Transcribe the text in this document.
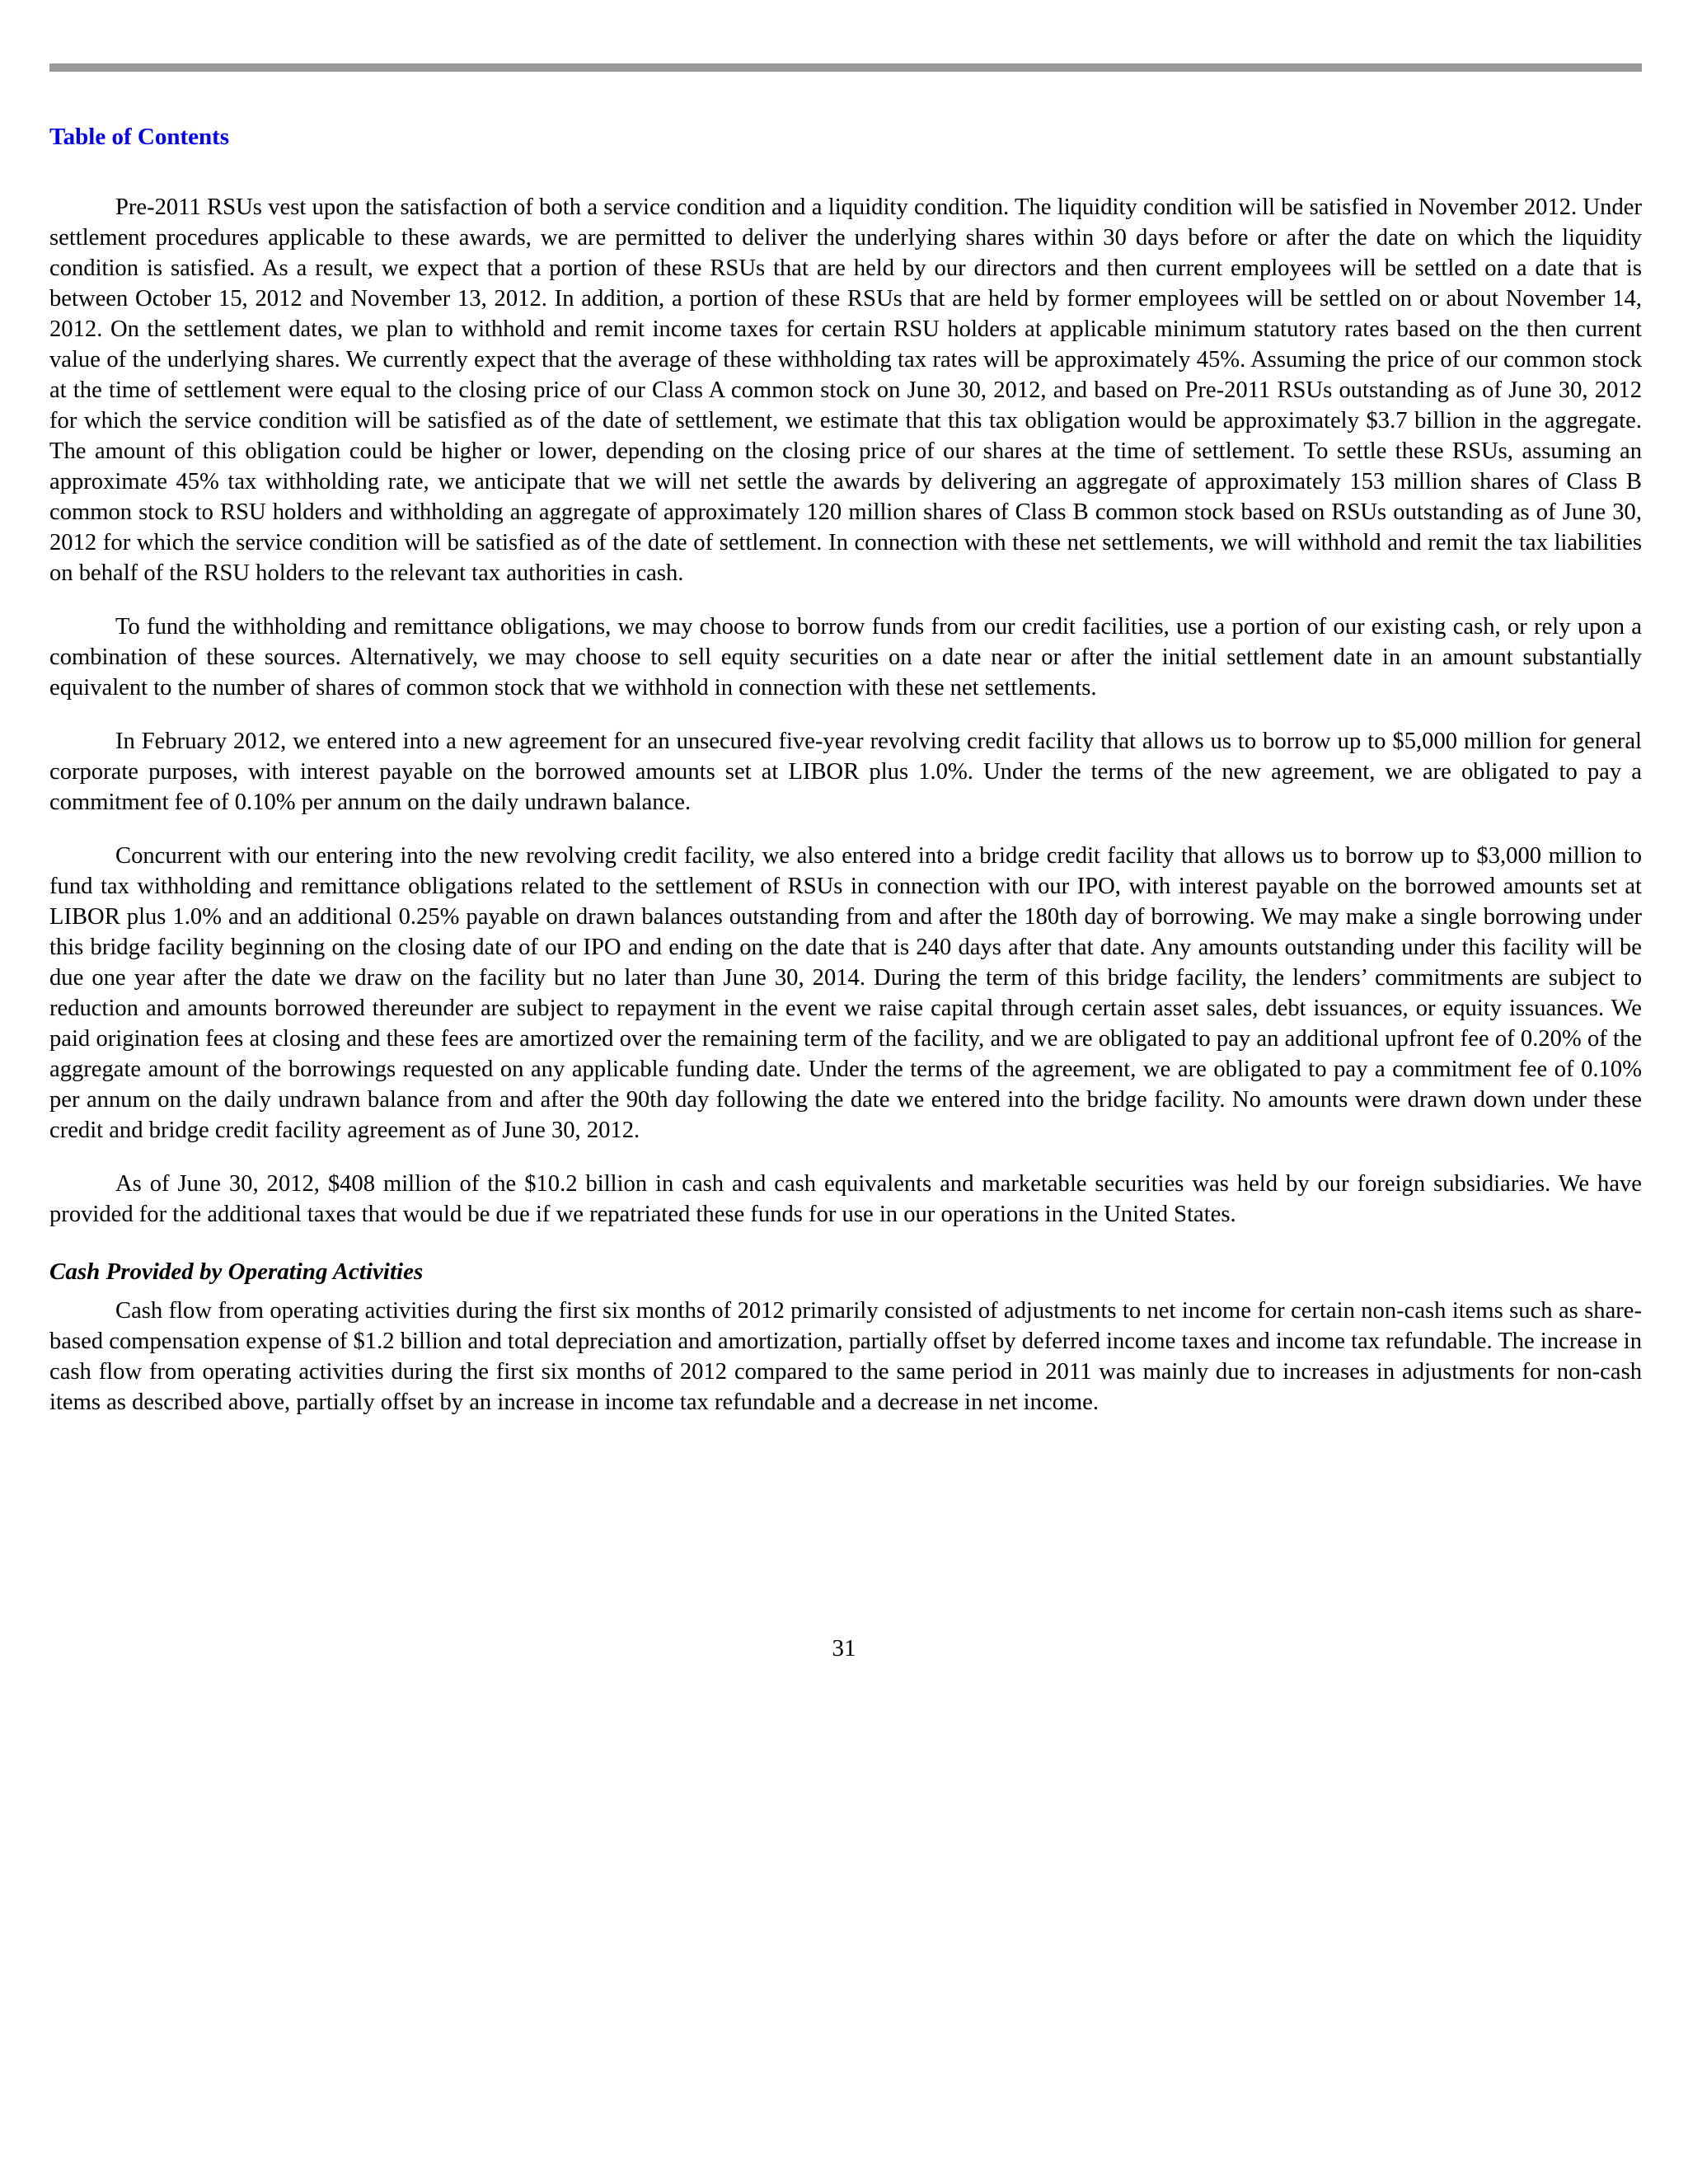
Table of Contents

Pre-2011 RSUs vest upon the satisfaction of both a service condition and a liquidity condition. The liquidity condition will be satisfied in November 2012. Under settlement procedures applicable to these awards, we are permitted to deliver the underlying shares within 30 days before or after the date on which the liquidity condition is satisfied. As a result, we expect that a portion of these RSUs that are held by our directors and then current employees will be settled on a date that is between October 15, 2012 and November 13, 2012. In addition, a portion of these RSUs that are held by former employees will be settled on or about November 14, 2012. On the settlement dates, we plan to withhold and remit income taxes for certain RSU holders at applicable minimum statutory rates based on the then current value of the underlying shares. We currently expect that the average of these withholding tax rates will be approximately 45%. Assuming the price of our common stock at the time of settlement were equal to the closing price of our Class A common stock on June 30, 2012, and based on Pre-2011 RSUs outstanding as of June 30, 2012 for which the service condition will be satisfied as of the date of settlement, we estimate that this tax obligation would be approximately $3.7 billion in the aggregate. The amount of this obligation could be higher or lower, depending on the closing price of our shares at the time of settlement. To settle these RSUs, assuming an approximate 45% tax withholding rate, we anticipate that we will net settle the awards by delivering an aggregate of approximately 153 million shares of Class B common stock to RSU holders and withholding an aggregate of approximately 120 million shares of Class B common stock based on RSUs outstanding as of June 30, 2012 for which the service condition will be satisfied as of the date of settlement. In connection with these net settlements, we will withhold and remit the tax liabilities on behalf of the RSU holders to the relevant tax authorities in cash.

To fund the withholding and remittance obligations, we may choose to borrow funds from our credit facilities, use a portion of our existing cash, or rely upon a combination of these sources. Alternatively, we may choose to sell equity securities on a date near or after the initial settlement date in an amount substantially equivalent to the number of shares of common stock that we withhold in connection with these net settlements.

In February 2012, we entered into a new agreement for an unsecured five-year revolving credit facility that allows us to borrow up to $5,000 million for general corporate purposes, with interest payable on the borrowed amounts set at LIBOR plus 1.0%. Under the terms of the new agreement, we are obligated to pay a commitment fee of 0.10% per annum on the daily undrawn balance.

Concurrent with our entering into the new revolving credit facility, we also entered into a bridge credit facility that allows us to borrow up to $3,000 million to fund tax withholding and remittance obligations related to the settlement of RSUs in connection with our IPO, with interest payable on the borrowed amounts set at LIBOR plus 1.0% and an additional 0.25% payable on drawn balances outstanding from and after the 180th day of borrowing. We may make a single borrowing under this bridge facility beginning on the closing date of our IPO and ending on the date that is 240 days after that date. Any amounts outstanding under this facility will be due one year after the date we draw on the facility but no later than June 30, 2014. During the term of this bridge facility, the lenders’ commitments are subject to reduction and amounts borrowed thereunder are subject to repayment in the event we raise capital through certain asset sales, debt issuances, or equity issuances. We paid origination fees at closing and these fees are amortized over the remaining term of the facility, and we are obligated to pay an additional upfront fee of 0.20% of the aggregate amount of the borrowings requested on any applicable funding date. Under the terms of the agreement, we are obligated to pay a commitment fee of 0.10% per annum on the daily undrawn balance from and after the 90th day following the date we entered into the bridge facility. No amounts were drawn down under these credit and bridge credit facility agreement as of June 30, 2012.

As of June 30, 2012, $408 million of the $10.2 billion in cash and cash equivalents and marketable securities was held by our foreign subsidiaries. We have provided for the additional taxes that would be due if we repatriated these funds for use in our operations in the United States.

Cash Provided by Operating Activities

Cash flow from operating activities during the first six months of 2012 primarily consisted of adjustments to net income for certain non-cash items such as share-based compensation expense of $1.2 billion and total depreciation and amortization, partially offset by deferred income taxes and income tax refundable. The increase in cash flow from operating activities during the first six months of 2012 compared to the same period in 2011 was mainly due to increases in adjustments for non-cash items as described above, partially offset by an increase in income tax refundable and a decrease in net income.

31
